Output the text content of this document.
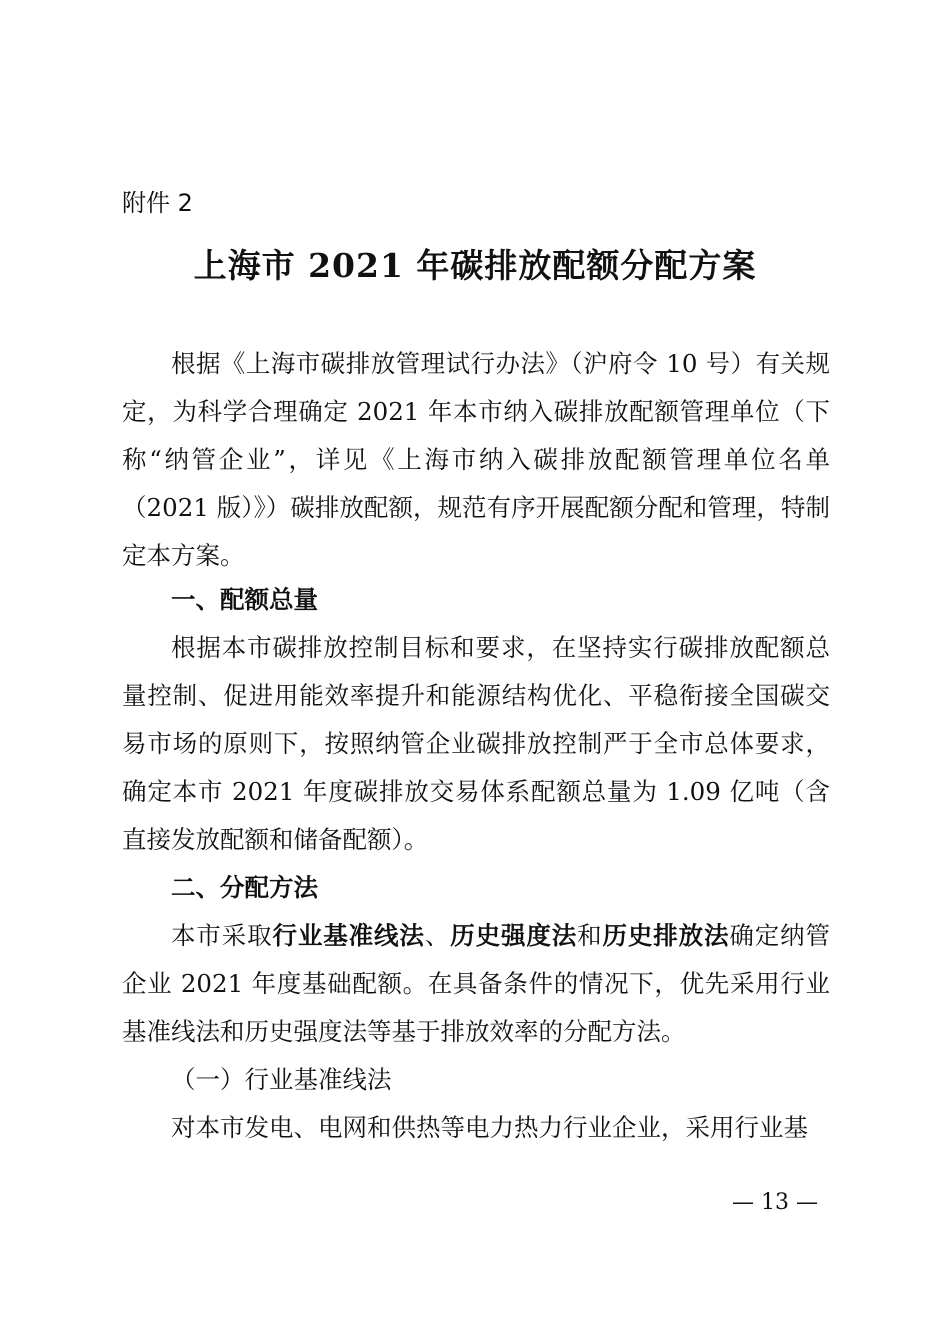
附件 2
上海市 2021 年碳排放配额分配方案

根据《上海市碳排放管理试行办法》（沪府令 10 号）有关规定，为科学合理确定 2021 年本市纳入碳排放配额管理单位（下称“纳管企业”，详见《上海市纳入碳排放配额管理单位名单（2021 版）》）碳排放配额，规范有序开展配额分配和管理，特制定本方案。

一、配额总量

根据本市碳排放控制目标和要求，在坚持实行碳排放配额总量控制、促进用能效率提升和能源结构优化、平稳衔接全国碳交易市场的原则下，按照纳管企业碳排放控制严于全市总体要求，确定本市 2021 年度碳排放交易体系配额总量为 1.09 亿吨（含直接发放配额和储备配额）。

二、分配方法

本市采取行业基准线法、历史强度法和历史排放法确定纳管企业 2021 年度基础配额。在具备条件的情况下，优先采用行业基准线法和历史强度法等基于排放效率的分配方法。

（一）行业基准线法

对本市发电、电网和供热等电力热力行业企业，采用行业基

— 13 —
